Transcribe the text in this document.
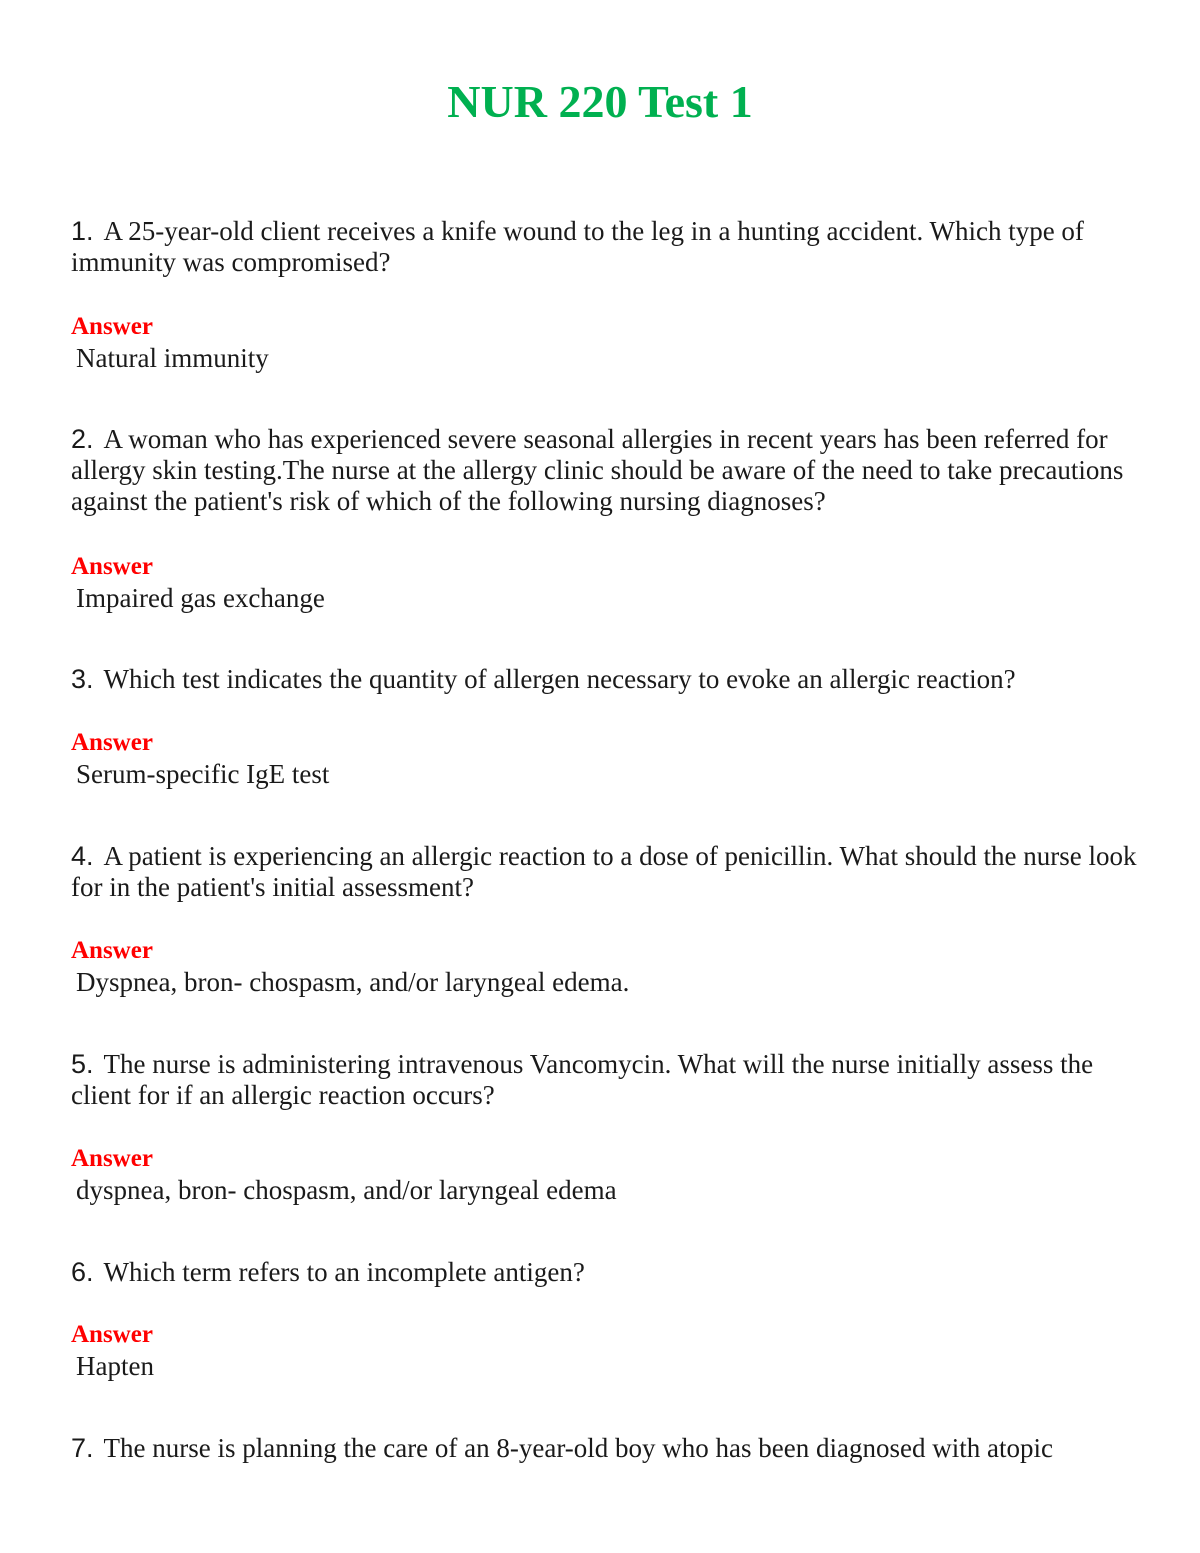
NUR 220 Test 1

1. A 25-year-old client receives a knife wound to the leg in a hunting accident. Which type of immunity was compromised?

Answer

Natural immunity

2. A woman who has experienced severe seasonal allergies in recent years has been referred for allergy skin testing.The nurse at the allergy clinic should be aware of the need to take precautions against the patient's risk of which of the following nursing diagnoses?

Answer

Impaired gas exchange

3. Which test indicates the quantity of allergen necessary to evoke an allergic reaction?

Answer

Serum-specific IgE test

4. A patient is experiencing an allergic reaction to a dose of penicillin. What should the nurse look for in the patient's initial assessment?

Answer

Dyspnea, bron- chospasm, and/or laryngeal edema.

5. The nurse is administering intravenous Vancomycin. What will the nurse initially assess the client for if an allergic reaction occurs?

Answer

dyspnea, bron- chospasm, and/or laryngeal edema

6. Which term refers to an incomplete antigen?

Answer

Hapten

7. The nurse is planning the care of an 8-year-old boy who has been diagnosed with atopic
